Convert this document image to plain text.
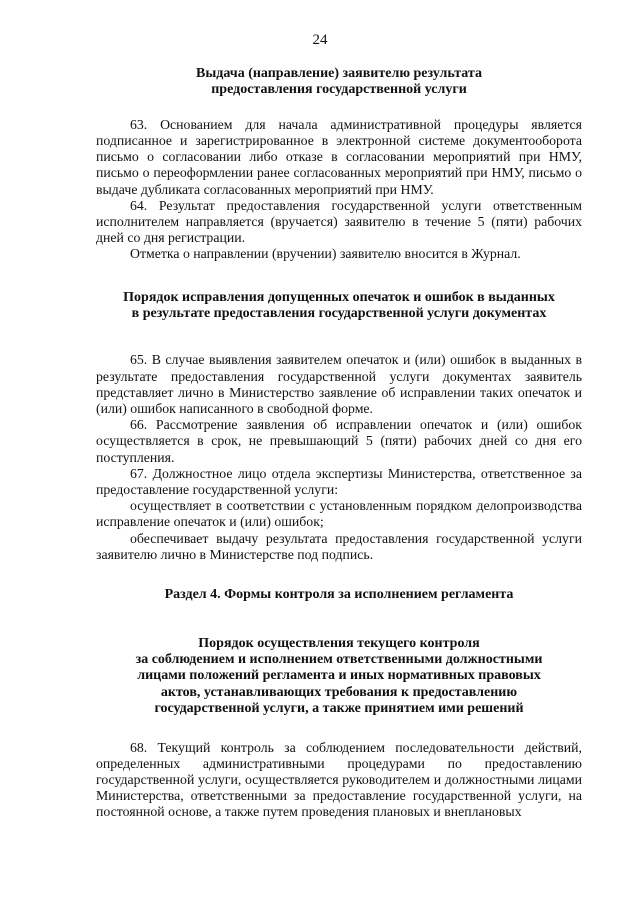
24
Выдача (направление) заявителю результата
предоставления государственной услуги

63. Основанием для начала административной процедуры является подписанное и зарегистрированное в электронной системе документооборота письмо о согласовании либо отказе в согласовании мероприятий при НМУ, письмо о переоформлении ранее согласованных мероприятий при НМУ, письмо о выдаче дубликата согласованных мероприятий при НМУ.

64. Результат предоставления государственной услуги ответственным исполнителем направляется (вручается) заявителю в течение 5 (пяти) рабочих дней со дня регистрации.

Отметка о направлении (вручении) заявителю вносится в Журнал.

Порядок исправления допущенных опечаток и ошибок в выданных
в результате предоставления государственной услуги документах

65. В случае выявления заявителем опечаток и (или) ошибок в выданных в результате предоставления государственной услуги документах заявитель представляет лично в Министерство заявление об исправлении таких опечаток и (или) ошибок написанного в свободной форме.

66. Рассмотрение заявления об исправлении опечаток и (или) ошибок осуществляется в срок, не превышающий 5 (пяти) рабочих дней со дня его поступления.

67. Должностное лицо отдела экспертизы Министерства, ответственное за предоставление государственной услуги:

осуществляет в соответствии с установленным порядком делопроизводства исправление опечаток и (или) ошибок;

обеспечивает выдачу результата предоставления государственной услуги заявителю лично в Министерстве под подпись.

Раздел 4. Формы контроля за исполнением регламента
Порядок осуществления текущего контроля
за соблюдением и исполнением ответственными должностными
лицами положений регламента и иных нормативных правовых
актов, устанавливающих требования к предоставлению
государственной услуги, а также принятием ими решений

68. Текущий контроль за соблюдением последовательности действий, определенных административными процедурами по предоставлению государственной услуги, осуществляется руководителем и должностными лицами Министерства, ответственными за предоставление государственной услуги, на постоянной основе, а также путем проведения плановых и внеплановых
